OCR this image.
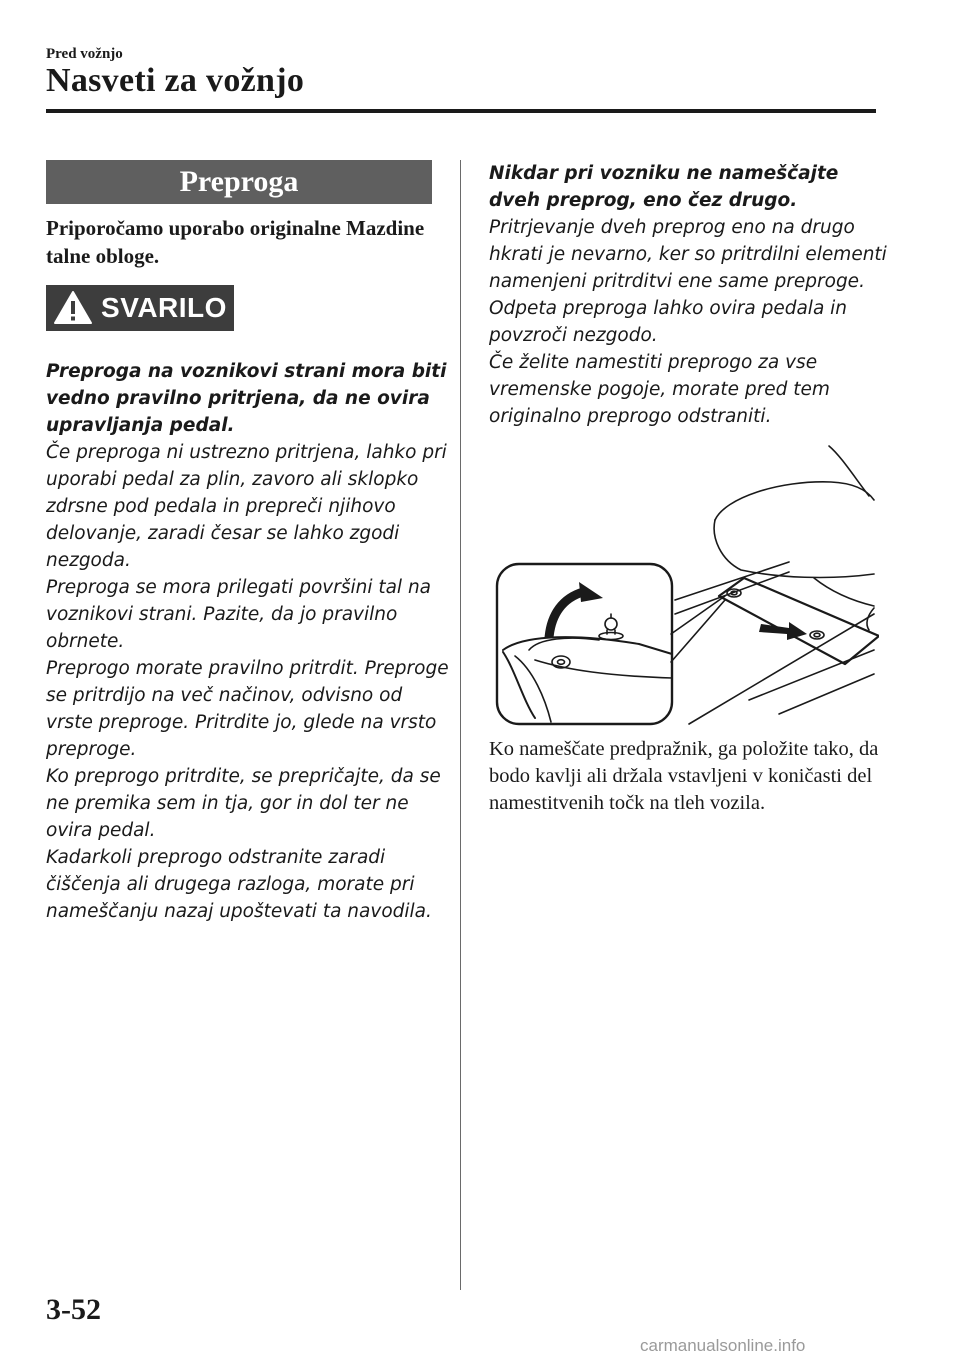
Pred vožnjo
Nasveti za vožnjo
Preproga
Priporočamo uporabo originalne Mazdine talne obloge.
SVARILO

Preproga na voznikovi strani mora biti vedno pravilno pritrjena, da ne ovira upravljanja pedal.

Če preproga ni ustrezno pritrjena, lahko pri uporabi pedal za plin, zavoro ali sklopko zdrsne pod pedala in prepreči njihovo delovanje, zaradi česar se lahko zgodi nezgoda.

Preproga se mora prilegati površini tal na voznikovi strani. Pazite, da jo pravilno obrnete.

Preprogo morate pravilno pritrdit. Preproge se pritrdijo na več načinov, odvisno od vrste preproge. Pritrdite jo, glede na vrsto preproge.

Ko preprogo pritrdite, se prepričajte, da se ne premika sem in tja, gor in dol ter ne ovira pedal.

Kadarkoli preprogo odstranite zaradi čiščenja ali drugega razloga, morate pri nameščanju nazaj upoštevati ta navodila.

Nikdar pri vozniku ne nameščajte dveh preprog, eno čez drugo.

Pritrjevanje dveh preprog eno na drugo hkrati je nevarno, ker so pritrdilni elementi namenjeni pritrditvi ene same preproge. Odpeta preproga lahko ovira pedala in povzroči nezgodo.

Če želite namestiti preprogo za vse vremenske pogoje, morate pred tem originalno preprogo odstraniti.

Ko nameščate predpražnik, ga položite tako, da bodo kavlji ali držala vstavljeni v koničasti del namestitvenih točk na tleh vozila.
3-52
carmanualsonline.info
